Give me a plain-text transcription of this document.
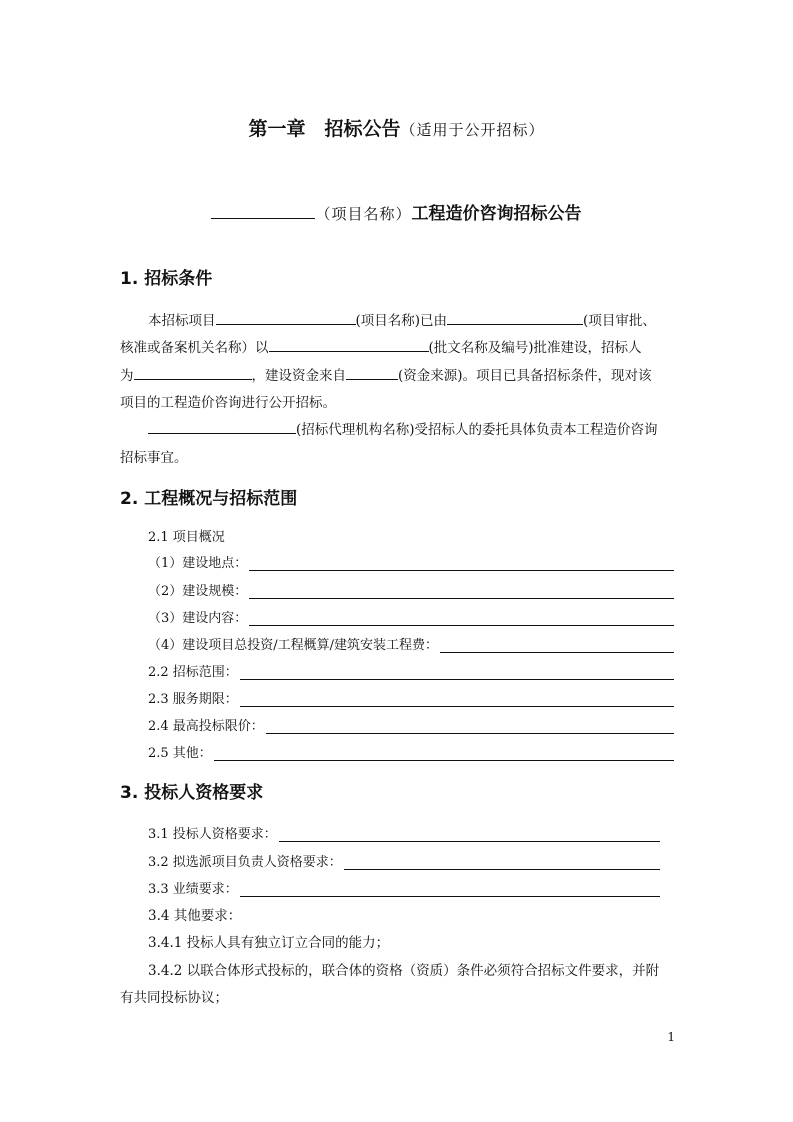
第一章　招标公告（适用于公开招标）
（项目名称）工程造价咨询招标公告
1. 招标条件
本招标项目	(项目名称)已由	(项目审批、
核准或备案机关名称）以	(批文名称及编号)批准建设，招标人
为	，建设资金来自	(资金来源)。项目已具备招标条件，现对该
项目的工程造价咨询进行公开招标。
(招标代理机构名称)受招标人的委托具体负责本工程造价咨询
招标事宜。
2. 工程概况与招标范围
2.1 项目概况
（1）建设地点：
（2）建设规模：
（3）建设内容：
（4）建设项目总投资/工程概算/建筑安装工程费：
2.2 招标范围：
2.3 服务期限：
2.4 最高投标限价：
2.5 其他：
3. 投标人资格要求
3.1 投标人资格要求：
3.2 拟选派项目负责人资格要求：
3.3 业绩要求：
3.4 其他要求：
3.4.1 投标人具有独立订立合同的能力；
3.4.2 以联合体形式投标的，联合体的资格（资质）条件必须符合招标文件要求，并附
有共同投标协议；
1
